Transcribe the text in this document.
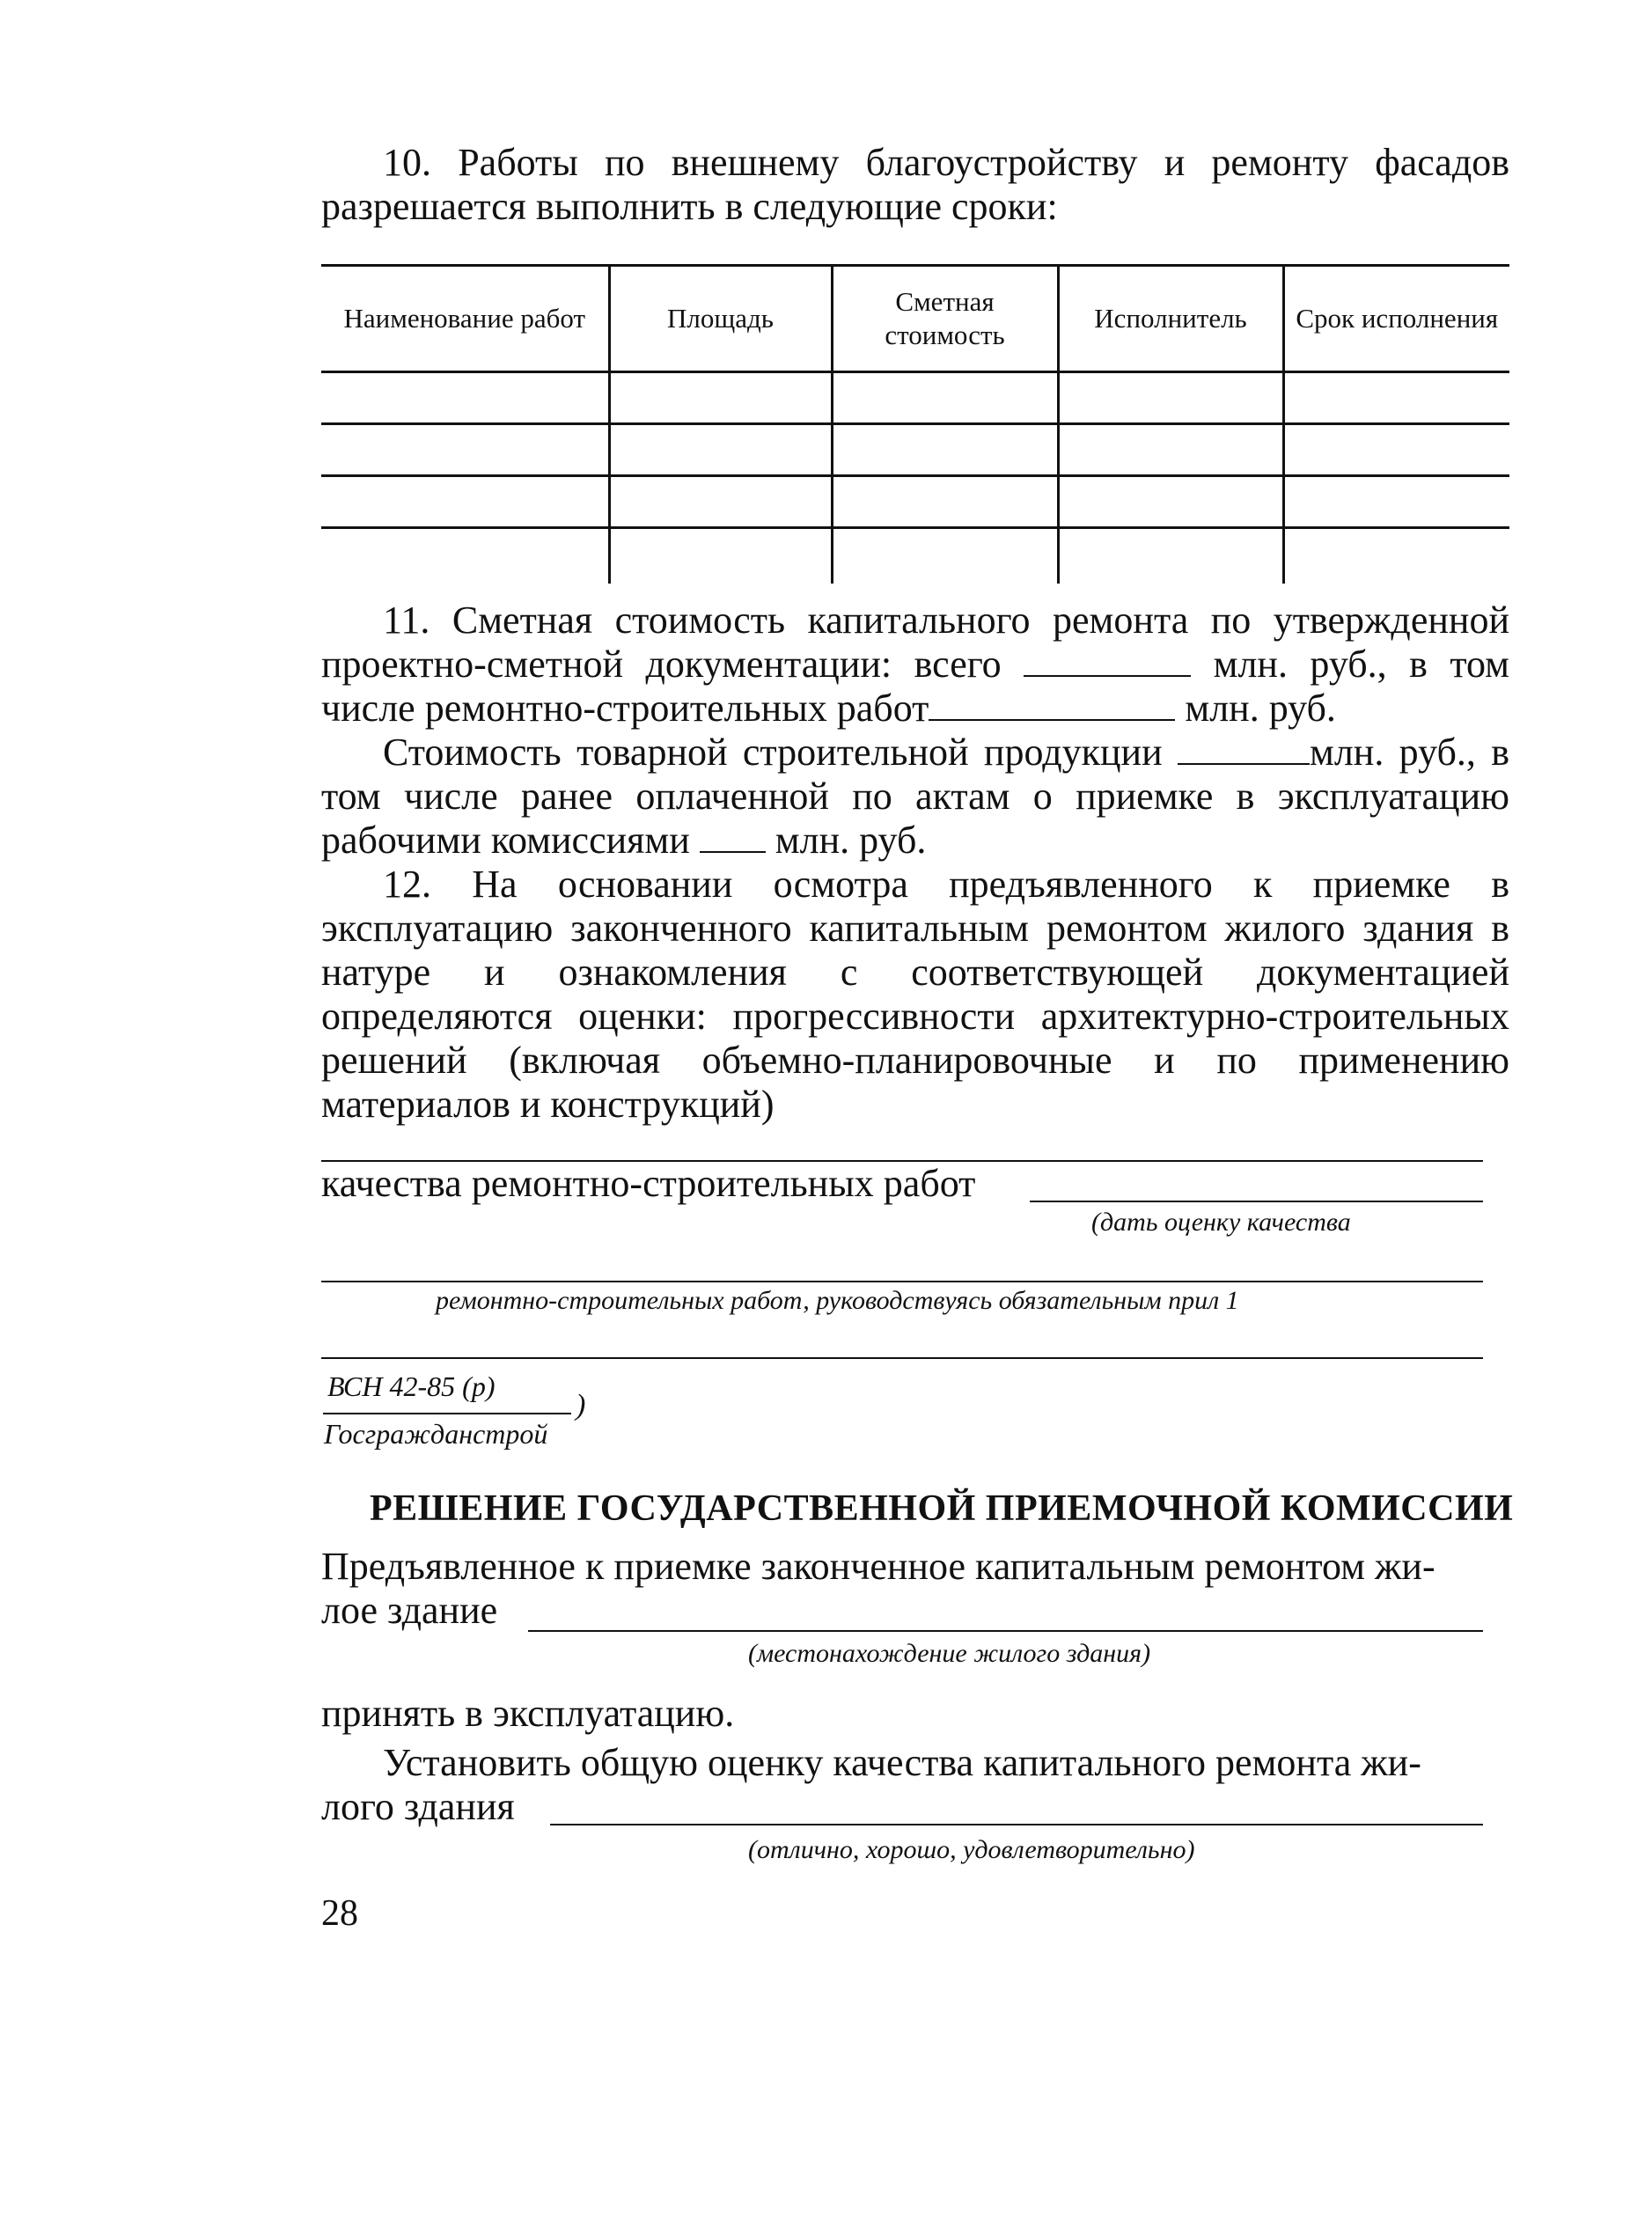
10. Работы по внешнему благоустройству и ремонту фасадов разрешается выполнить в следующие сроки:

Наименование работ	Площадь	Сметная стоимость	Исполнитель	Срок исполнения

11. Сметная стоимость капитального ремонта по утвержденной проектно-сметной документации: всего	млн. руб., в том числе ремонтно-строительных работ	млн. руб.

Стоимость товарной строительной продукции	млн. руб., в том числе ранее оплаченной по актам о приемке в эксплуатацию рабочими комиссиями млн. руб.

12. На основании осмотра предъявленного к приемке в эксплуатацию законченного капитальным ремонтом жилого здания в натуре и ознакомления с соответствующей документацией определяются оценки: прогрессивности архитектурно-строительных решений (включая объемно-планировочные и по применению материалов и конструкций)

качества ремонтно-строительных работ

(дать оценку качества
ремонтно-строительных работ, руководствуясь обязательным прил 1
ВСН 42-85 (р)
Госгражданстрой
)
РЕШЕНИЕ ГОСУДАРСТВЕННОЙ ПРИЕМОЧНОЙ КОМИССИИ

Предъявленное к приемке законченное капитальным ремонтом жи-

лое здание

(местонахождение жилого здания)

принять в эксплуатацию.

Установить общую оценку качества капитального ремонта жи-

лого здания

(отлично, хорошо, удовлетворительно)
28
